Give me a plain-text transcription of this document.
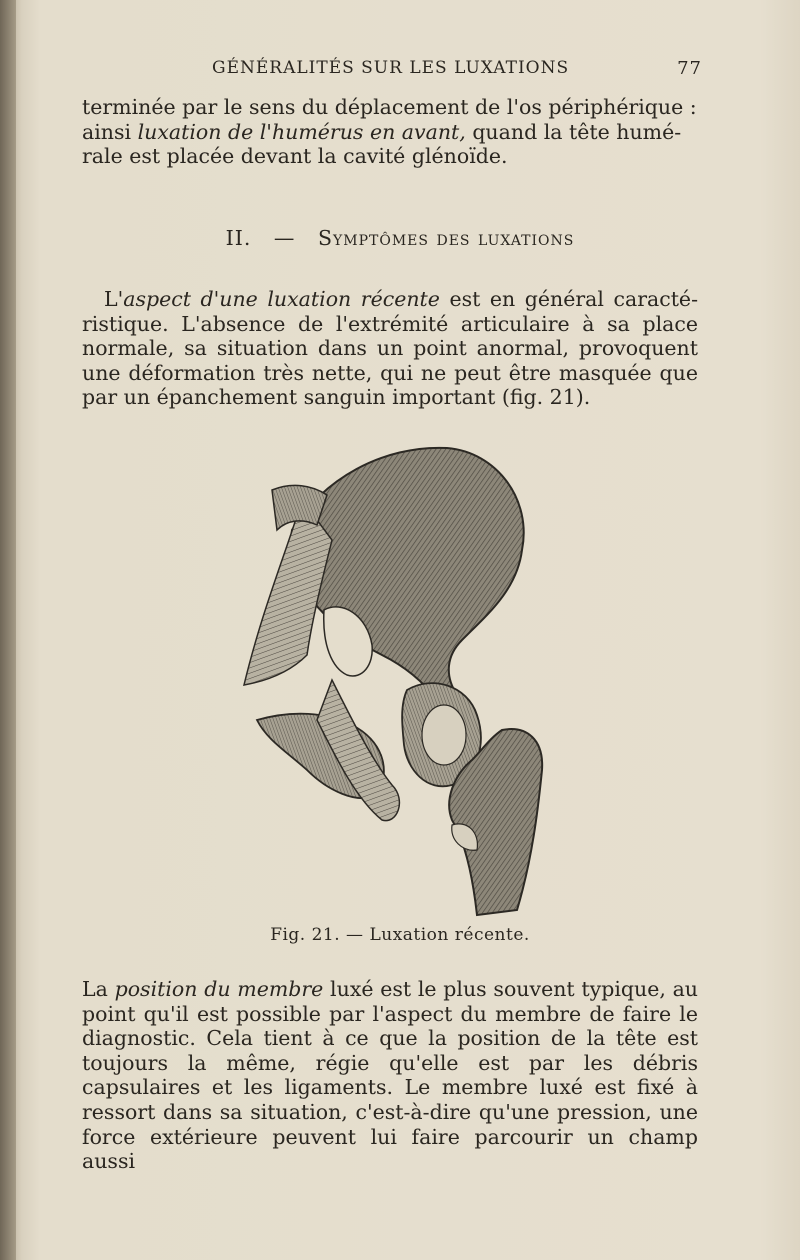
GÉNÉRALITÉS SUR LES LUXATIONS	77
terminée par le sens du déplacement de l'os périphérique :
ainsi luxation de l'humérus en avant, quand la tête humé-
rale est placée devant la cavité glénoïde.
II. — Symptômes des luxations
L'aspect d'une luxation récente est en général caracté-ristique. L'absence de l'extrémité articulaire à sa place normale, sa situation dans un point anormal, provoquent une déformation très nette, qui ne peut être masquée que par un épanchement sanguin important (fig. 21).
Fig. 21. — Luxation récente.
La position du membre luxé est le plus souvent typique, au point qu'il est possible par l'aspect du membre de faire le diagnostic. Cela tient à ce que la position de la tête est toujours la même, régie qu'elle est par les débris capsulaires et les ligaments. Le membre luxé est fixé à ressort dans sa situation, c'est-à-dire qu'une pression, une force extérieure peuvent lui faire parcourir un champ aussi
